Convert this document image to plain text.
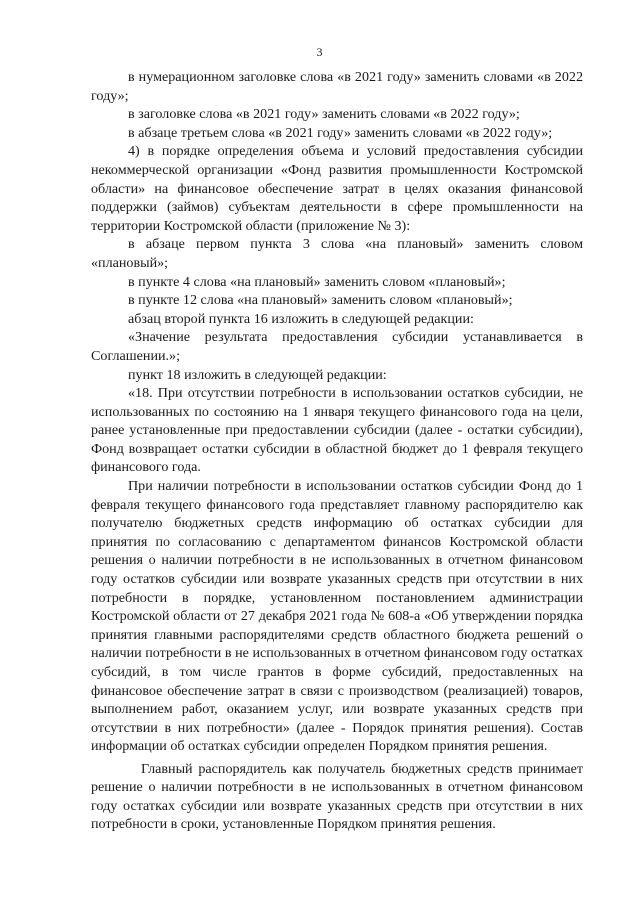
3

в нумерационном заголовке слова «в 2021 году» заменить словами «в 2022 году»;

в заголовке слова «в 2021 году» заменить словами «в 2022 году»;

в абзаце третьем слова «в 2021 году» заменить словами «в 2022 году»;

4) в порядке определения объема и условий предоставления субсидии некоммерческой организации «Фонд развития промышленности Костромской области» на финансовое обеспечение затрат в целях оказания финансовой поддержки (займов) субъектам деятельности в сфере промышленности на территории Костромской области (приложение № 3):

в абзаце первом пункта 3 слова «на плановый» заменить словом «плановый»;

в пункте 4 слова «на плановый» заменить словом «плановый»;

в пункте 12 слова «на плановый» заменить словом «плановый»;

абзац второй пункта 16 изложить в следующей редакции:

«Значение результата предоставления субсидии устанавливается в Соглашении.»;

пункт 18 изложить в следующей редакции:

«18. При отсутствии потребности в использовании остатков субсидии, не использованных по состоянию на 1 января текущего финансового года на цели, ранее установленные при предоставлении субсидии (далее - остатки субсидии), Фонд возвращает остатки субсидии в областной бюджет до 1 февраля текущего финансового года.

При наличии потребности в использовании остатков субсидии Фонд до 1 февраля текущего финансового года представляет главному распорядителю как получателю бюджетных средств информацию об остатках субсидии для принятия по согласованию с департаментом финансов Костромской области решения о наличии потребности в не использованных в отчетном финансовом году остатков субсидии или возврате указанных средств при отсутствии в них потребности в порядке, установленном постановлением администрации Костромской области от 27 декабря 2021 года № 608-а «Об утверждении порядка принятия главными распорядителями средств областного бюджета решений о наличии потребности в не использованных в отчетном финансовом году остатках субсидий, в том числе грантов в форме субсидий, предоставленных на финансовое обеспечение затрат в связи с производством (реализацией) товаров, выполнением работ, оказанием услуг, или возврате указанных средств при отсутствии в них потребности» (далее - Порядок принятия решения). Состав информации об остатках субсидии определен Порядком принятия решения.

Главный распорядитель как получатель бюджетных средств принимает решение о наличии потребности в не использованных в отчетном финансовом году остатках субсидии или возврате указанных средств при отсутствии в них потребности в сроки, установленные Порядком принятия решения.
